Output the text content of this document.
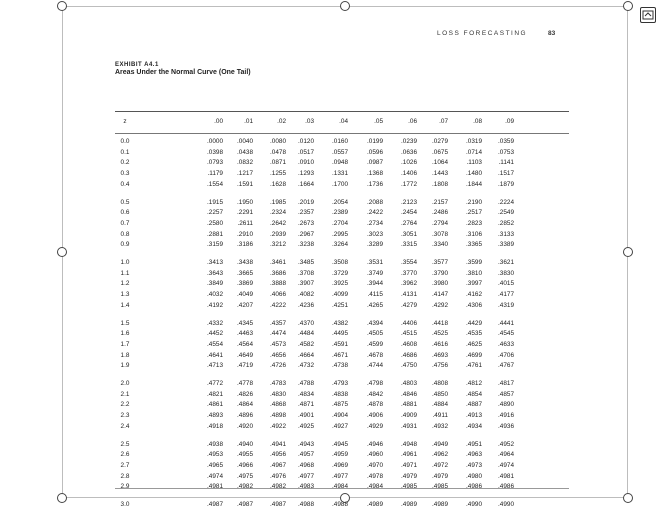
LOSS FORECASTING	83
EXHIBIT A4.1
Areas Under the Normal Curve (One Tail)
z	.00	.01	.02	.03	.04	.05	.06	.07	.08	.09
0.0	.0000	.0040	.0080	.0120	.0160	.0199	.0239	.0279	.0319	.0359
0.1	.0398	.0438	.0478	.0517	.0557	.0596	.0636	.0675	.0714	.0753
0.2	.0793	.0832	.0871	.0910	.0948	.0987	.1026	.1064	.1103	.1141
0.3	.1179	.1217	.1255	.1293	.1331	.1368	.1406	.1443	.1480	.1517
0.4	.1554	.1591	.1628	.1664	.1700	.1736	.1772	.1808	.1844	.1879
0.5	.1915	.1950	.1985	.2019	.2054	.2088	.2123	.2157	.2190	.2224
0.6	.2257	.2291	.2324	.2357	.2389	.2422	.2454	.2486	.2517	.2549
0.7	.2580	.2611	.2642	.2673	.2704	.2734	.2764	.2794	.2823	.2852
0.8	.2881	.2910	.2939	.2967	.2995	.3023	.3051	.3078	.3106	.3133
0.9	.3159	.3186	.3212	.3238	.3264	.3289	.3315	.3340	.3365	.3389
1.0	.3413	.3438	.3461	.3485	.3508	.3531	.3554	.3577	.3599	.3621
1.1	.3643	.3665	.3686	.3708	.3729	.3749	.3770	.3790	.3810	.3830
1.2	.3849	.3869	.3888	.3907	.3925	.3944	.3962	.3980	.3997	.4015
1.3	.4032	.4049	.4066	.4082	.4099	.4115	.4131	.4147	.4162	.4177
1.4	.4192	.4207	.4222	.4236	.4251	.4265	.4279	.4292	.4306	.4319
1.5	.4332	.4345	.4357	.4370	.4382	.4394	.4406	.4418	.4429	.4441
1.6	.4452	.4463	.4474	.4484	.4495	.4505	.4515	.4525	.4535	.4545
1.7	.4554	.4564	.4573	.4582	.4591	.4599	.4608	.4616	.4625	.4633
1.8	.4641	.4649	.4656	.4664	.4671	.4678	.4686	.4693	.4699	.4706
1.9	.4713	.4719	.4726	.4732	.4738	.4744	.4750	.4756	.4761	.4767
2.0	.4772	.4778	.4783	.4788	.4793	.4798	.4803	.4808	.4812	.4817
2.1	.4821	.4826	.4830	.4834	.4838	.4842	.4846	.4850	.4854	.4857
2.2	.4861	.4864	.4868	.4871	.4875	.4878	.4881	.4884	.4887	.4890
2.3	.4893	.4896	.4898	.4901	.4904	.4906	.4909	.4911	.4913	.4916
2.4	.4918	.4920	.4922	.4925	.4927	.4929	.4931	.4932	.4934	.4936
2.5	.4938	.4940	.4941	.4943	.4945	.4946	.4948	.4949	.4951	.4952
2.6	.4953	.4955	.4956	.4957	.4959	.4960	.4961	.4962	.4963	.4964
2.7	.4965	.4966	.4967	.4968	.4969	.4970	.4971	.4972	.4973	.4974
2.8	.4974	.4975	.4976	.4977	.4977	.4978	.4979	.4979	.4980	.4981
2.9	.4981	.4982	.4982	.4983	.4984	.4984	.4985	.4985	.4986	.4986
3.0	.4987	.4987	.4987	.4988	.4988	.4989	.4989	.4989	.4990	.4990
